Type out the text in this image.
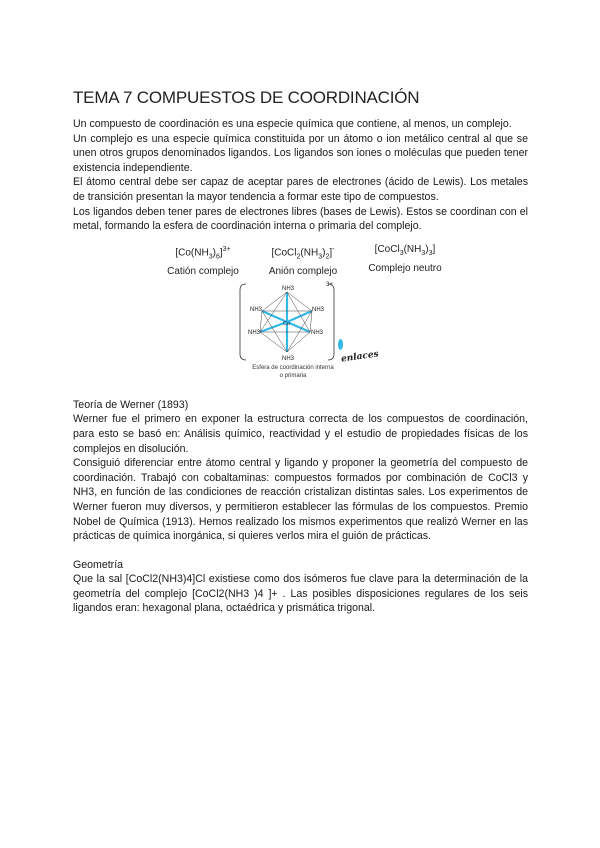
TEMA 7 COMPUESTOS DE COORDINACIÓN

Un compuesto de coordinación es una especie química que contiene, al menos, un complejo.

Un complejo es una especie química constituida por un átomo o ion metálico central al que se unen otros grupos denominados ligandos. Los ligandos son iones o moléculas que pueden tener existencia independiente.

El átomo central debe ser capaz de aceptar pares de electrones (ácido de Lewis). Los metales de transición presentan la mayor tendencia a formar este tipo de compuestos.

Los ligandos deben tener pares de electrones libres (bases de Lewis). Estos se coordinan con el metal, formando la esfera de coordinación interna o primaria del complejo.

$[Co(NH_3)_6]^{3+}$
Catión complejo
$[CoCl_2(NH_3)_2]^-$
Anión complejo
$[CoCl_3(NH_3)_3]$
Complejo neutro
NH3
NH3
NH3	NH3
NH3	NH3
Co
3+
enlaces
Esfera de coordinación interna
o primaria

Teoría de Werner (1893)

Werner fue el primero en exponer la estructura correcta de los compuestos de coordinación, para esto se basó en: Análisis químico, reactividad y el estudio de propiedades físicas de los complejos en disolución.

Consiguió diferenciar entre átomo central y ligando y proponer la geometría del compuesto de coordinación. Trabajó con cobaltaminas: compuestos formados por combinación de CoCl3 y NH3, en función de las condiciones de reacción cristalizan distintas sales. Los experimentos de Werner fueron muy diversos, y permitieron establecer las fórmulas de los compuestos. Premio Nobel de Química (1913). Hemos realizado los mismos experimentos que realizó Werner en las prácticas de química inorgánica, si quieres verlos mira el guión de prácticas.

Geometría

Que la sal [CoCl2(NH3)4]Cl existiese como dos isómeros fue clave para la determinación de la geometría del complejo [CoCl2(NH3 )4 ]+ . Las posibles disposiciones regulares de los seis ligandos eran: hexagonal plana, octaédrica y prismática trigonal.
